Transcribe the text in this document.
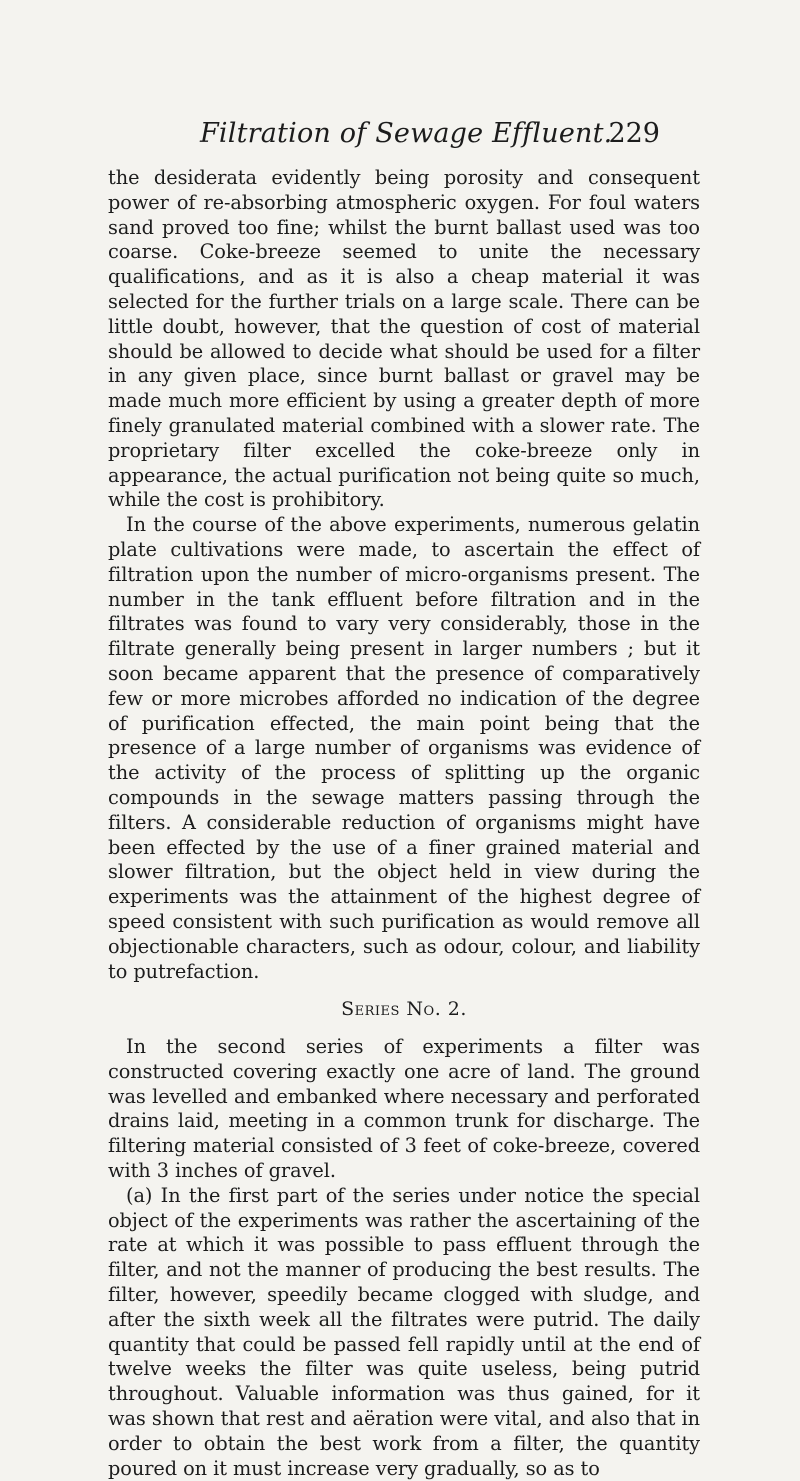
Filtration of Sewage Effluent.
229

the desiderata evidently being porosity and consequent power of re-absorbing atmospheric oxygen. For foul waters sand proved too fine; whilst the burnt ballast used was too coarse. Coke-breeze seemed to unite the necessary qualifications, and as it is also a cheap material it was selected for the further trials on a large scale. There can be little doubt, however, that the question of cost of material should be allowed to decide what should be used for a filter in any given place, since burnt ballast or gravel may be made much more efficient by using a greater depth of more finely granulated material combined with a slower rate. The proprietary filter excelled the coke-breeze only in appearance, the actual purification not being quite so much, while the cost is prohibitory.

In the course of the above experiments, numerous gelatin plate cultivations were made, to ascertain the effect of filtration upon the number of micro-organisms present. The number in the tank effluent before filtration and in the filtrates was found to vary very considerably, those in the filtrate generally being present in larger numbers ; but it soon became apparent that the presence of comparatively few or more microbes afforded no indication of the degree of purification effected, the main point being that the presence of a large number of organisms was evidence of the activity of the process of splitting up the organic compounds in the sewage matters passing through the filters. A considerable reduction of organisms might have been effected by the use of a finer grained material and slower filtration, but the object held in view during the experiments was the attainment of the highest degree of speed consistent with such purification as would remove all objectionable characters, such as odour, colour, and liability to putrefaction.

Series No. 2.

In the second series of experiments a filter was constructed covering exactly one acre of land. The ground was levelled and embanked where necessary and perforated drains laid, meeting in a common trunk for discharge. The filtering material consisted of 3 feet of coke-breeze, covered with 3 inches of gravel.

(a) In the first part of the series under notice the special object of the experiments was rather the ascertaining of the rate at which it was possible to pass effluent through the filter, and not the manner of producing the best results. The filter, however, speedily became clogged with sludge, and after the sixth week all the filtrates were putrid. The daily quantity that could be passed fell rapidly until at the end of twelve weeks the filter was quite useless, being putrid throughout. Valuable information was thus gained, for it was shown that rest and aëration were vital, and also that in order to obtain the best work from a filter, the quantity poured on it must increase very gradually, so as to
